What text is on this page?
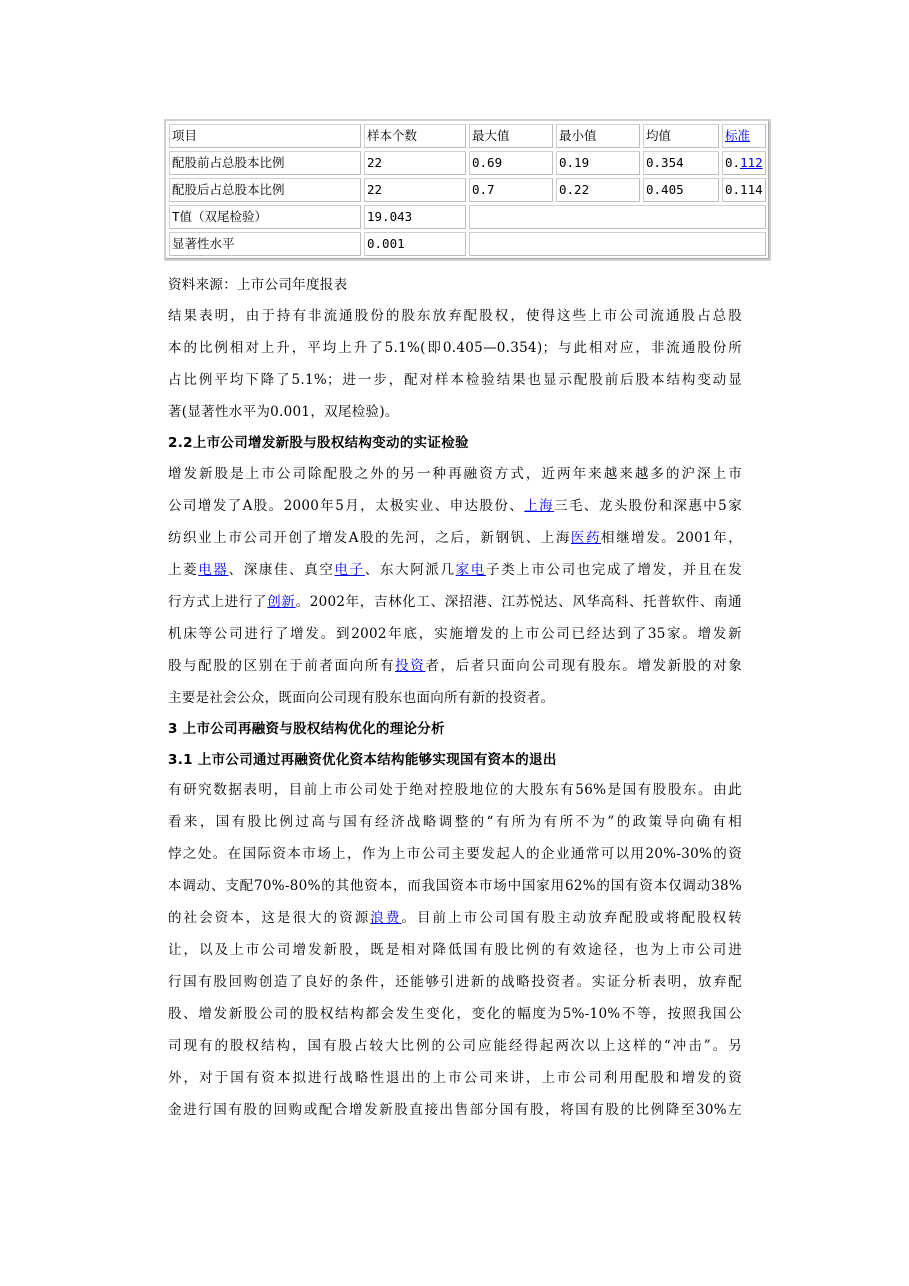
项目	样本个数	最大值	最小值	均值	标准
配股前占总股本比例	22	0.69	0.19	0.354	0.112
配股后占总股本比例	22	0.7	0.22	0.405	0.114
T值（双尾检验）	19.043				
显著性水平	0.001				
资料来源：上市公司年度报表
结果表明，由于持有非流通股份的股东放弃配股权，使得这些上市公司流通股占总股
本的比例相对上升，平均上升了5.1%(即0.405—0.354)；与此相对应，非流通股份所
占比例平均下降了5.1%；进一步，配对样本检验结果也显示配股前后股本结构变动显
著(显著性水平为0.001，双尾检验)。
2.2上市公司增发新股与股权结构变动的实证检验
增发新股是上市公司除配股之外的另一种再融资方式，近两年来越来越多的沪深上市
公司增发了A股。2000年5月，太极实业、申达股份、上海三毛、龙头股份和深惠中5家
纺织业上市公司开创了增发A股的先河，之后，新钢钒、上海医药相继增发。2001年，
上菱电器、深康佳、真空电子、东大阿派几家电子类上市公司也完成了增发，并且在发
行方式上进行了创新。2002年，吉林化工、深招港、江苏悦达、风华高科、托普软件、南通
机床等公司进行了增发。到2002年底，实施增发的上市公司已经达到了35家。增发新
股与配股的区别在于前者面向所有投资者，后者只面向公司现有股东。增发新股的对象
主要是社会公众，既面向公司现有股东也面向所有新的投资者。
3 上市公司再融资与股权结构优化的理论分析
3.1 上市公司通过再融资优化资本结构能够实现国有资本的退出
有研究数据表明，目前上市公司处于绝对控股地位的大股东有56%是国有股股东。由此
看来，国有股比例过高与国有经济战略调整的“有所为有所不为”的政策导向确有相
悖之处。在国际资本市场上，作为上市公司主要发起人的企业通常可以用20%-30%的资
本调动、支配70%-80%的其他资本，而我国资本市场中国家用62%的国有资本仅调动38%
的社会资本，这是很大的资源浪费。目前上市公司国有股主动放弃配股或将配股权转
让，以及上市公司增发新股，既是相对降低国有股比例的有效途径，也为上市公司进
行国有股回购创造了良好的条件，还能够引进新的战略投资者。实证分析表明，放弃配
股、增发新股公司的股权结构都会发生变化，变化的幅度为5%-10%不等，按照我国公
司现有的股权结构，国有股占较大比例的公司应能经得起两次以上这样的“冲击”。另
外，对于国有资本拟进行战略性退出的上市公司来讲，上市公司利用配股和增发的资
金进行国有股的回购或配合增发新股直接出售部分国有股，将国有股的比例降至30%左
